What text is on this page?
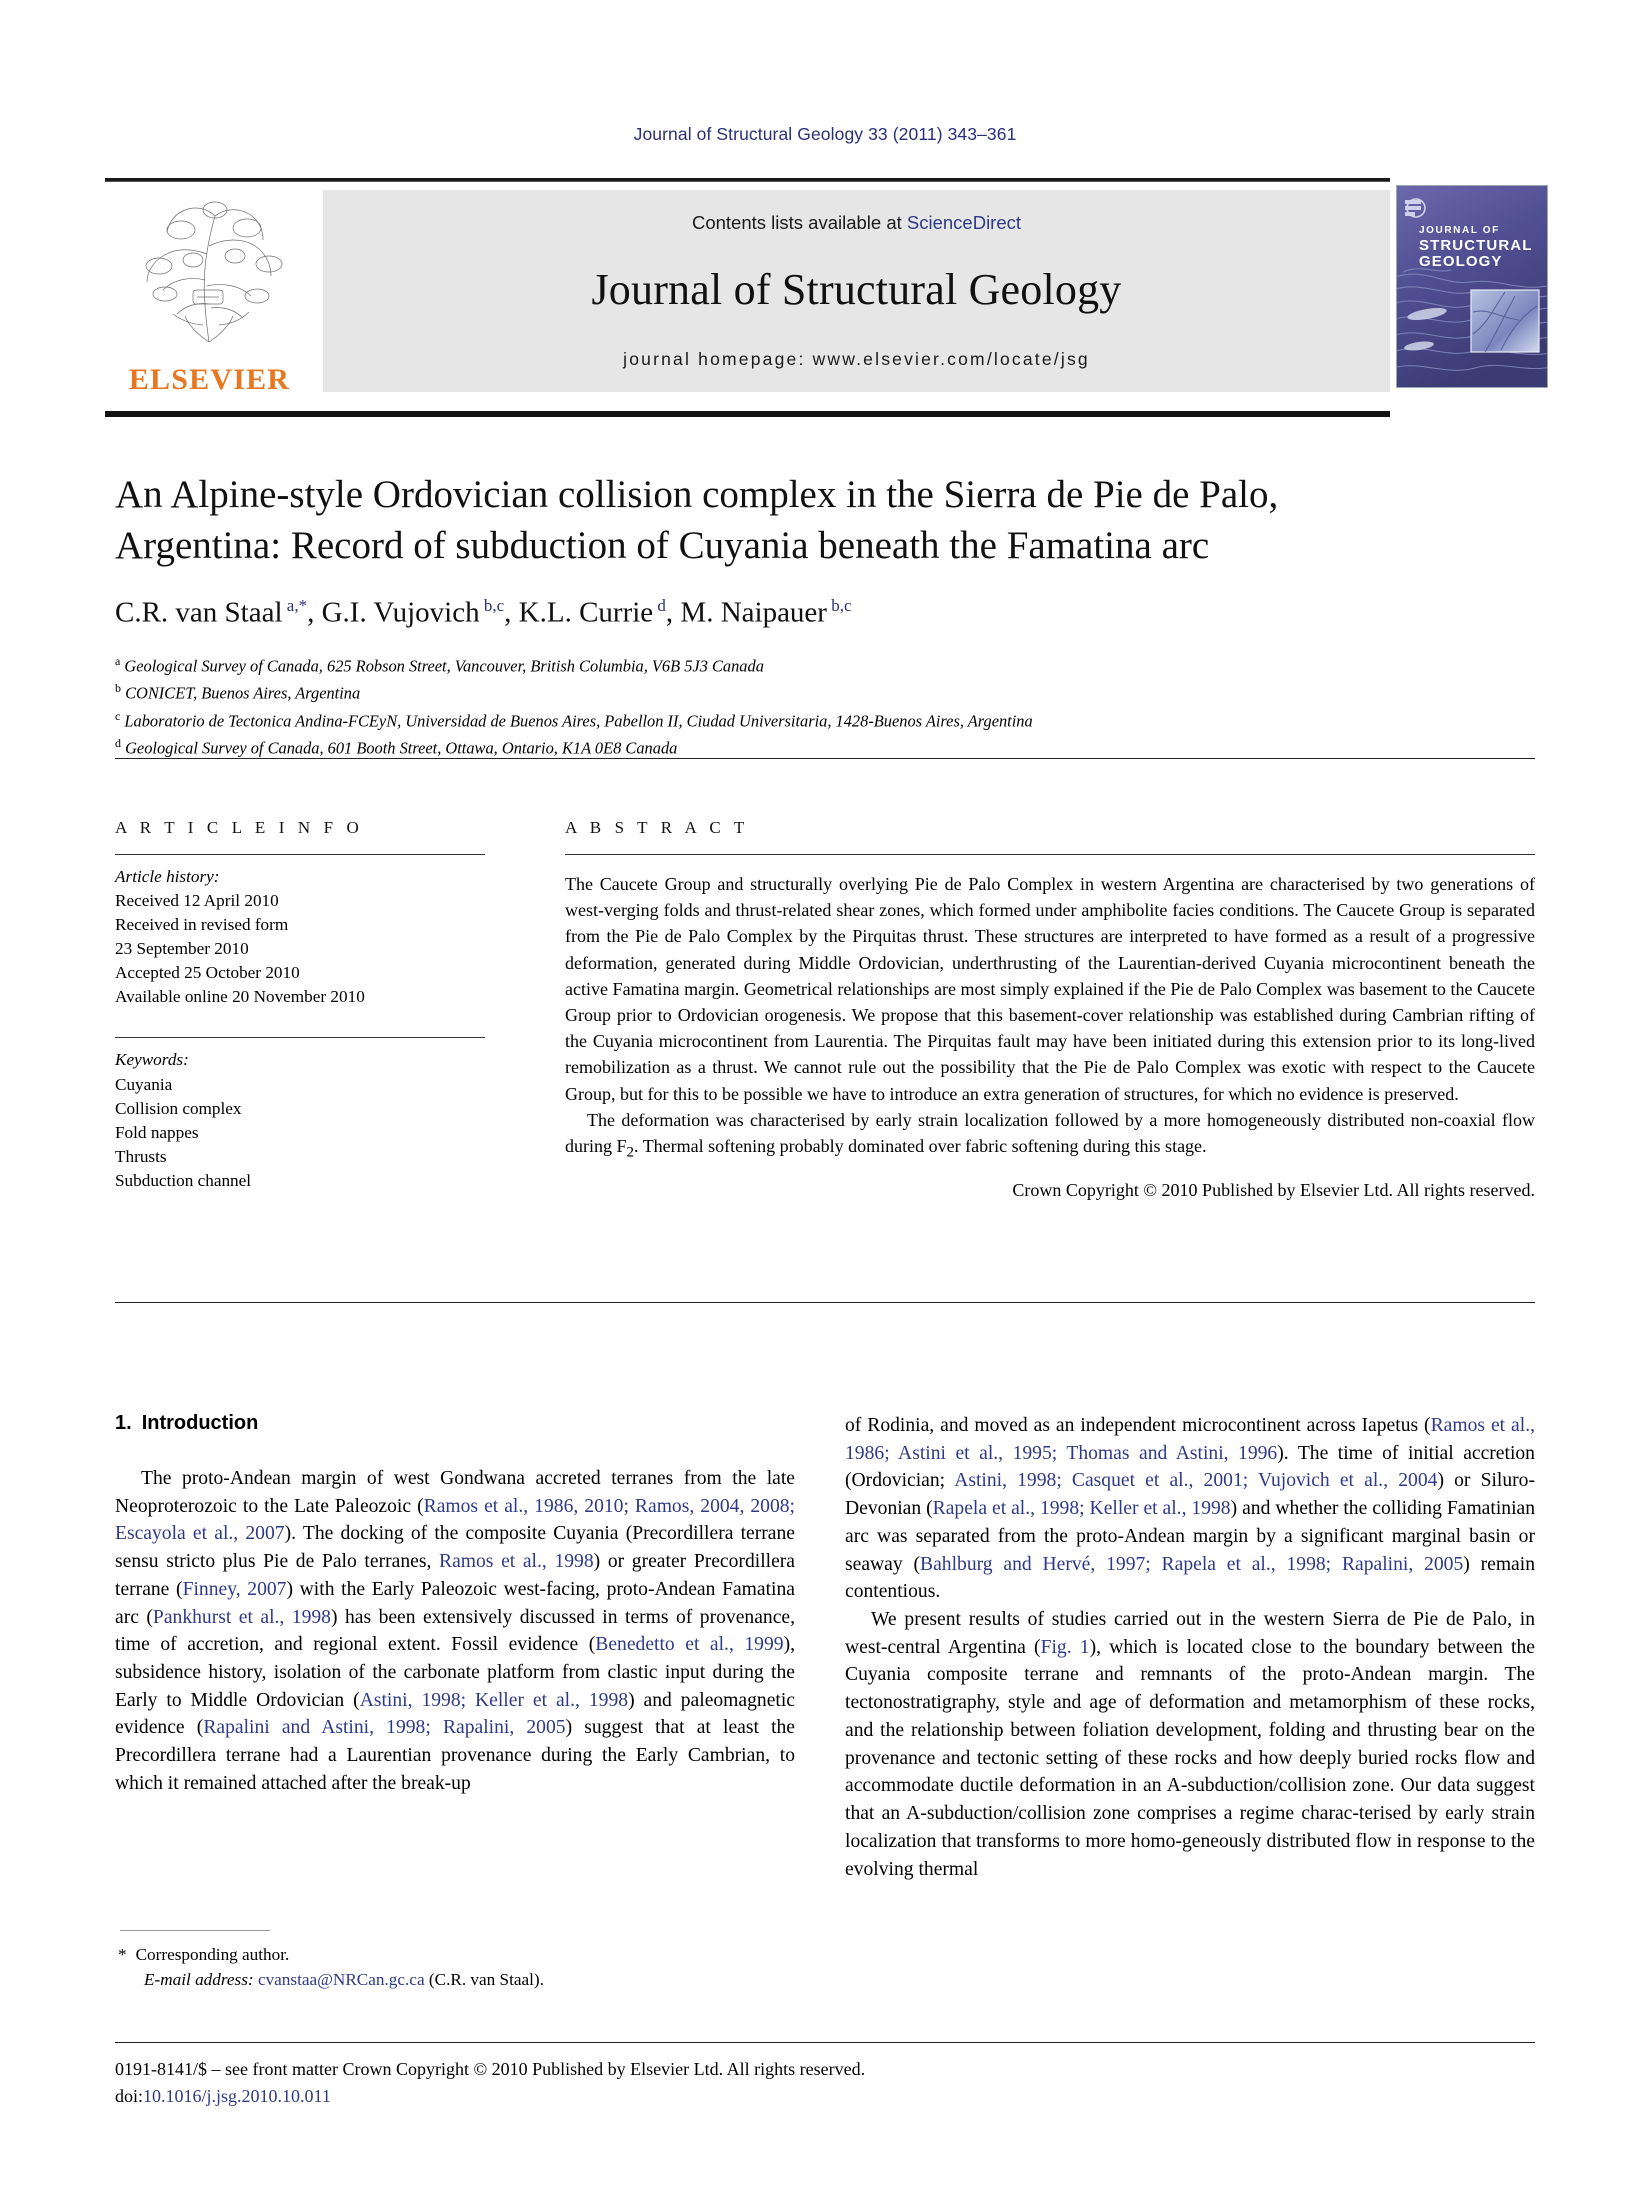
Journal of Structural Geology 33 (2011) 343–361
ELSEVIER
Contents lists available at ScienceDirect
Journal of Structural Geology
journal homepage: www.elsevier.com/locate/jsg
JOURNAL OF
STRUCTURAL
GEOLOGY
An Alpine-style Ordovician collision complex in the Sierra de Pie de Palo,
Argentina: Record of subduction of Cuyania beneath the Famatina arc
C.R. van Staal $^{a,*}$, G.I. Vujovich $^{b,c}$, K.L. Currie $^d$, M. Naipauer $^{b,c}$
$^a$ Geological Survey of Canada, 625 Robson Street, Vancouver, British Columbia, V6B 5J3 Canada
$^b$ CONICET, Buenos Aires, Argentina
$^c$ Laboratorio de Tectonica Andina-FCEyN, Universidad de Buenos Aires, Pabellon II, Ciudad Universitaria, 1428-Buenos Aires, Argentina
$^d$ Geological Survey of Canada, 601 Booth Street, Ottawa, Ontario, K1A 0E8 Canada
A R T I C L E I N F O
Article history:
Received 12 April 2010
Received in revised form
23 September 2010
Accepted 25 October 2010
Available online 20 November 2010
Keywords:
Cuyania
Collision complex
Fold nappes
Thrusts
Subduction channel
A B S T R A C T

The Caucete Group and structurally overlying Pie de Palo Complex in western Argentina are characterised by two generations of west-verging folds and thrust-related shear zones, which formed under amphibolite facies conditions. The Caucete Group is separated from the Pie de Palo Complex by the Pirquitas thrust. These structures are interpreted to have formed as a result of a progressive deformation, generated during Middle Ordovician, underthrusting of the Laurentian-derived Cuyania microcontinent beneath the active Famatina margin. Geometrical relationships are most simply explained if the Pie de Palo Complex was basement to the Caucete Group prior to Ordovician orogenesis. We propose that this basement-cover relationship was established during Cambrian rifting of the Cuyania microcontinent from Laurentia. The Pirquitas fault may have been initiated during this extension prior to its long-lived remobilization as a thrust. We cannot rule out the possibility that the Pie de Palo Complex was exotic with respect to the Caucete Group, but for this to be possible we have to introduce an extra generation of structures, for which no evidence is preserved.

The deformation was characterised by early strain localization followed by a more homogeneously distributed non-coaxial flow during $F_2$. Thermal softening probably dominated over fabric softening during this stage.

Crown Copyright © 2010 Published by Elsevier Ltd. All rights reserved.
1. Introduction

The proto-Andean margin of west Gondwana accreted terranes from the late Neoproterozoic to the Late Paleozoic (Ramos et al., 1986, 2010; Ramos, 2004, 2008; Escayola et al., 2007). The docking of the composite Cuyania (Precordillera terrane sensu stricto plus Pie de Palo terranes, Ramos et al., 1998) or greater Precordillera terrane (Finney, 2007) with the Early Paleozoic west-facing, proto-Andean Famatina arc (Pankhurst et al., 1998) has been extensively discussed in terms of provenance, time of accretion, and regional extent. Fossil evidence (Benedetto et al., 1999), subsidence history, isolation of the carbonate platform from clastic input during the Early to Middle Ordovician (Astini, 1998; Keller et al., 1998) and paleomagnetic evidence (Rapalini and Astini, 1998; Rapalini, 2005) suggest that at least the Precordillera terrane had a Laurentian provenance during the Early Cambrian, to which it remained attached after the break-up

of Rodinia, and moved as an independent microcontinent across Iapetus (Ramos et al., 1986; Astini et al., 1995; Thomas and Astini, 1996). The time of initial accretion (Ordovician; Astini, 1998; Casquet et al., 2001; Vujovich et al., 2004) or Siluro-Devonian (Rapela et al., 1998; Keller et al., 1998) and whether the colliding Famatinian arc was separated from the proto-Andean margin by a significant marginal basin or seaway (Bahlburg and Hervé, 1997; Rapela et al., 1998; Rapalini, 2005) remain contentious.

We present results of studies carried out in the western Sierra de Pie de Palo, in west-central Argentina (Fig. 1), which is located close to the boundary between the Cuyania composite terrane and remnants of the proto-Andean margin. The tectonostratigraphy, style and age of deformation and metamorphism of these rocks, and the relationship between foliation development, folding and thrusting bear on the provenance and tectonic setting of these rocks and how deeply buried rocks flow and accommodate ductile deformation in an A-subduction/collision zone. Our data suggest that an A-subduction/collision zone comprises a regime charac-terised by early strain localization that transforms to more homo-geneously distributed flow in response to the evolving thermal

* Corresponding author.
E-mail address: cvanstaa@NRCan.gc.ca (C.R. van Staal).
0191-8141/$ – see front matter Crown Copyright © 2010 Published by Elsevier Ltd. All rights reserved.
doi:10.1016/j.jsg.2010.10.011
